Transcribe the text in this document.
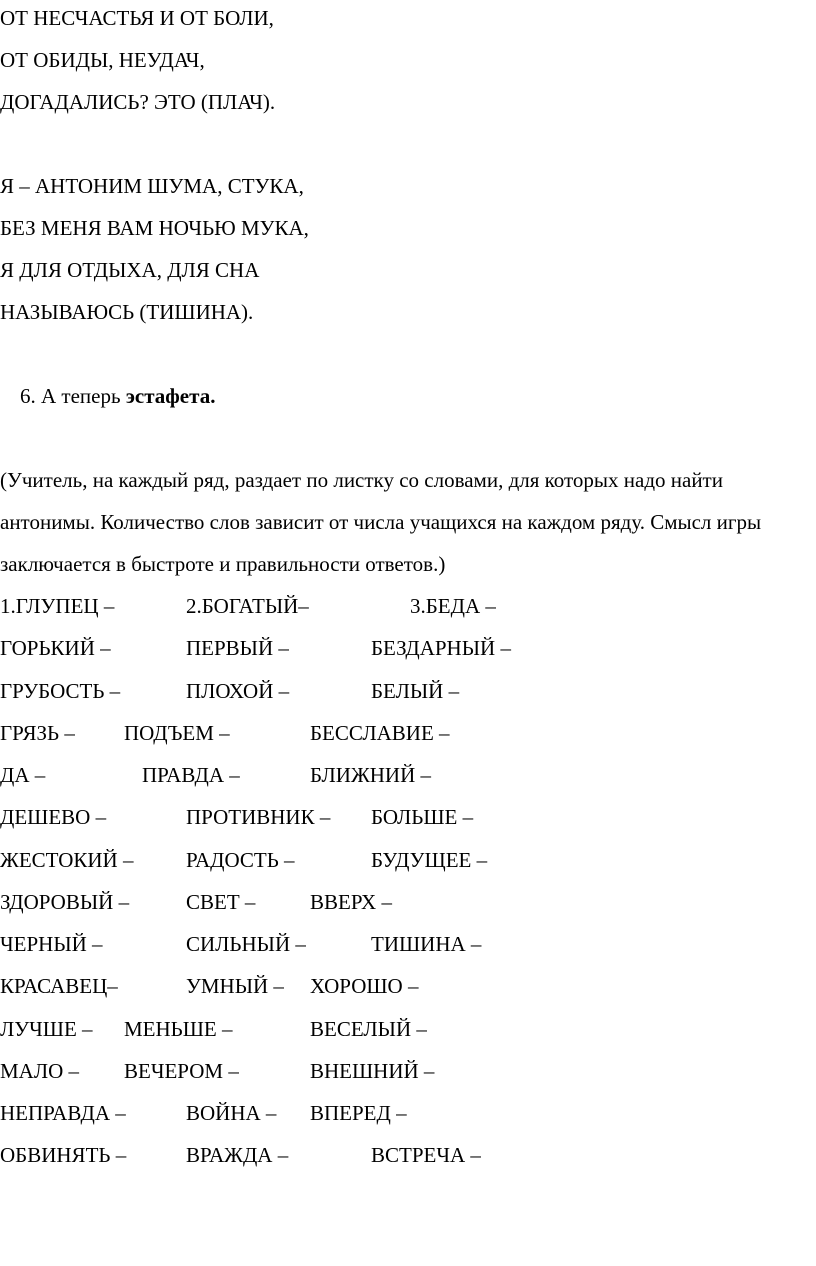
ОТ НЕСЧАСТЬЯ И ОТ БОЛИ,
ОТ ОБИДЫ, НЕУДАЧ,
ДОГАДАЛИСЬ? ЭТО (ПЛАЧ).
Я – АНТОНИМ ШУМА, СТУКА,
БЕЗ МЕНЯ ВАМ НОЧЬЮ МУКА,
Я ДЛЯ ОТДЫХА, ДЛЯ СНА
НАЗЫВАЮСЬ (ТИШИНА).
6. А теперь эстафета.
(Учитель, на каждый ряд, раздает по листку со словами, для которых надо найти антонимы. Количество слов зависит от числа учащихся на каждом ряду. Смысл игры заключается в быстроте и правильности ответов.)
1.ГЛУПЕЦ –	2.БОГАТЫЙ–	3.БЕДА –
ГОРЬКИЙ –	ПЕРВЫЙ –	БЕЗДАРНЫЙ –
ГРУБОСТЬ –	ПЛОХОЙ –	БЕЛЫЙ –
ГРЯЗЬ – ПОДЪЕМ –	БЕССЛАВИЕ –
ДА –	ПРАВДА –	БЛИЖНИЙ –
ДЕШЕВО –	ПРОТИВНИК – БОЛЬШЕ –
ЖЕСТОКИЙ –	РАДОСТЬ –	БУДУЩЕЕ –
ЗДОРОВЫЙ –	СВЕТ –	ВВЕРХ –
ЧЕРНЫЙ –	СИЛЬНЫЙ –	ТИШИНА –
КРАСАВЕЦ–	УМНЫЙ – ХОРОШО –
ЛУЧШЕ – МЕНЬШЕ –	ВЕСЕЛЫЙ –
МАЛО – ВЕЧЕРОМ –	ВНЕШНИЙ –
НЕПРАВДА –	ВОЙНА – ВПЕРЕД –
ОБВИНЯТЬ –	ВРАЖДА –	ВСТРЕЧА –
